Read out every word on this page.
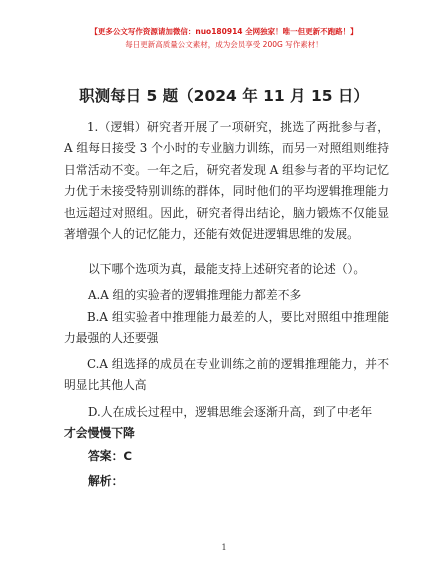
【更多公文写作资源请加微信：nuo180914 全网独家！唯一但更新不跑路！】
每日更新高质量公文素材，成为会员享受 200G 写作素材！
职测每日 5 题（2024 年 11 月 15 日）
1.（逻辑）研究者开展了一项研究，挑选了两批参与者，A 组每日接受 3 个小时的专业脑力训练，而另一对照组则维持日常活动不变。一年之后，研究者发现 A 组参与者的平均记忆力优于未接受特别训练的群体，同时他们的平均逻辑推理能力也远超过对照组。因此，研究者得出结论，脑力锻炼不仅能显著增强个人的记忆能力，还能有效促进逻辑思维的发展。
以下哪个选项为真，最能支持上述研究者的论述（）。
A.A 组的实验者的逻辑推理能力都差不多
B.A 组实验者中推理能力最差的人，要比对照组中推理能力最强的人还要强
C.A 组选择的成员在专业训练之前的逻辑推理能力，并不明显比其他人高
D.人在成长过程中，逻辑思维会逐渐升高，到了中老年
才会慢慢下降
答案：C
解析：
1
